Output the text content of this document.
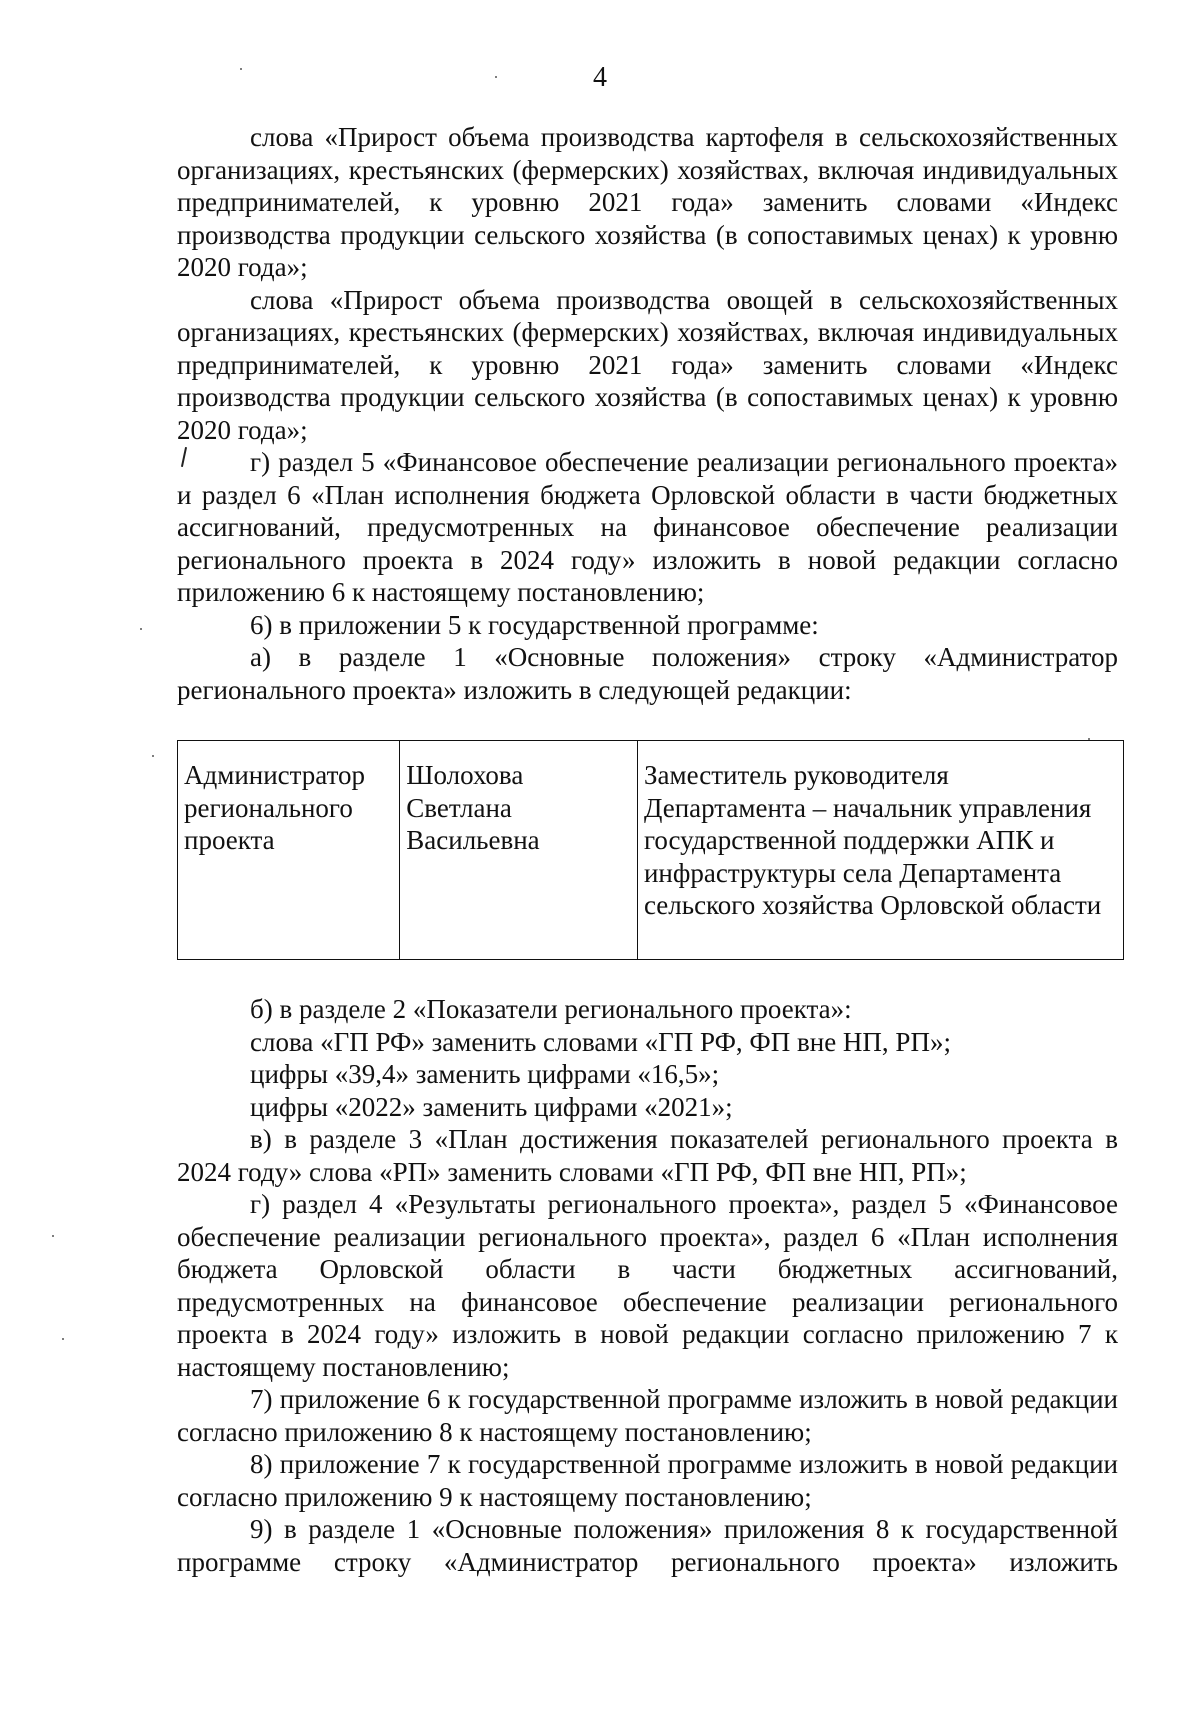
4

слова «Прирост объема производства картофеля в сельскохозяйственных организациях, крестьянских (фермерских) хозяйствах, включая индивидуальных предпринимателей, к уровню 2021 года» заменить словами «Индекс производства продукции сельского хозяйства (в сопоставимых ценах) к уровню 2020 года»;

слова «Прирост объема производства овощей в сельскохозяйственных организациях, крестьянских (фермерских) хозяйствах, включая индивидуальных предпринимателей, к уровню 2021 года» заменить словами «Индекс производства продукции сельского хозяйства (в сопоставимых ценах) к уровню 2020 года»;

г) раздел 5 «Финансовое обеспечение реализации регионального проекта» и раздел 6 «План исполнения бюджета Орловской области в части бюджетных ассигнований, предусмотренных на финансовое обеспечение реализации регионального проекта в 2024 году» изложить в новой редакции согласно приложению 6 к настоящему постановлению;

6) в приложении 5 к государственной программе:

а) в разделе 1 «Основные положения» строку «Администратор регионального проекта» изложить в следующей редакции:

Администратор регионального проекта	Шолохова Светлана Васильевна	Заместитель руководителя Департамента – начальник управления государственной поддержки АПК и инфраструктуры села Департамента сельского хозяйства Орловской области

б) в разделе 2 «Показатели регионального проекта»:

слова «ГП РФ» заменить словами «ГП РФ, ФП вне НП, РП»;

цифры «39,4» заменить цифрами «16,5»;

цифры «2022» заменить цифрами «2021»;

в) в разделе 3 «План достижения показателей регионального проекта в 2024 году» слова «РП» заменить словами «ГП РФ, ФП вне НП, РП»;

г) раздел 4 «Результаты регионального проекта», раздел 5 «Финансовое обеспечение реализации регионального проекта», раздел 6 «План исполнения бюджета Орловской области в части бюджетных ассигнований, предусмотренных на финансовое обеспечение реализации регионального проекта в 2024 году» изложить в новой редакции согласно приложению 7 к настоящему постановлению;

7) приложение 6 к государственной программе изложить в новой редакции согласно приложению 8 к настоящему постановлению;

8) приложение 7 к государственной программе изложить в новой редакции согласно приложению 9 к настоящему постановлению;

9) в разделе 1 «Основные положения» приложения 8 к государственной программе строку «Администратор регионального проекта» изложить
